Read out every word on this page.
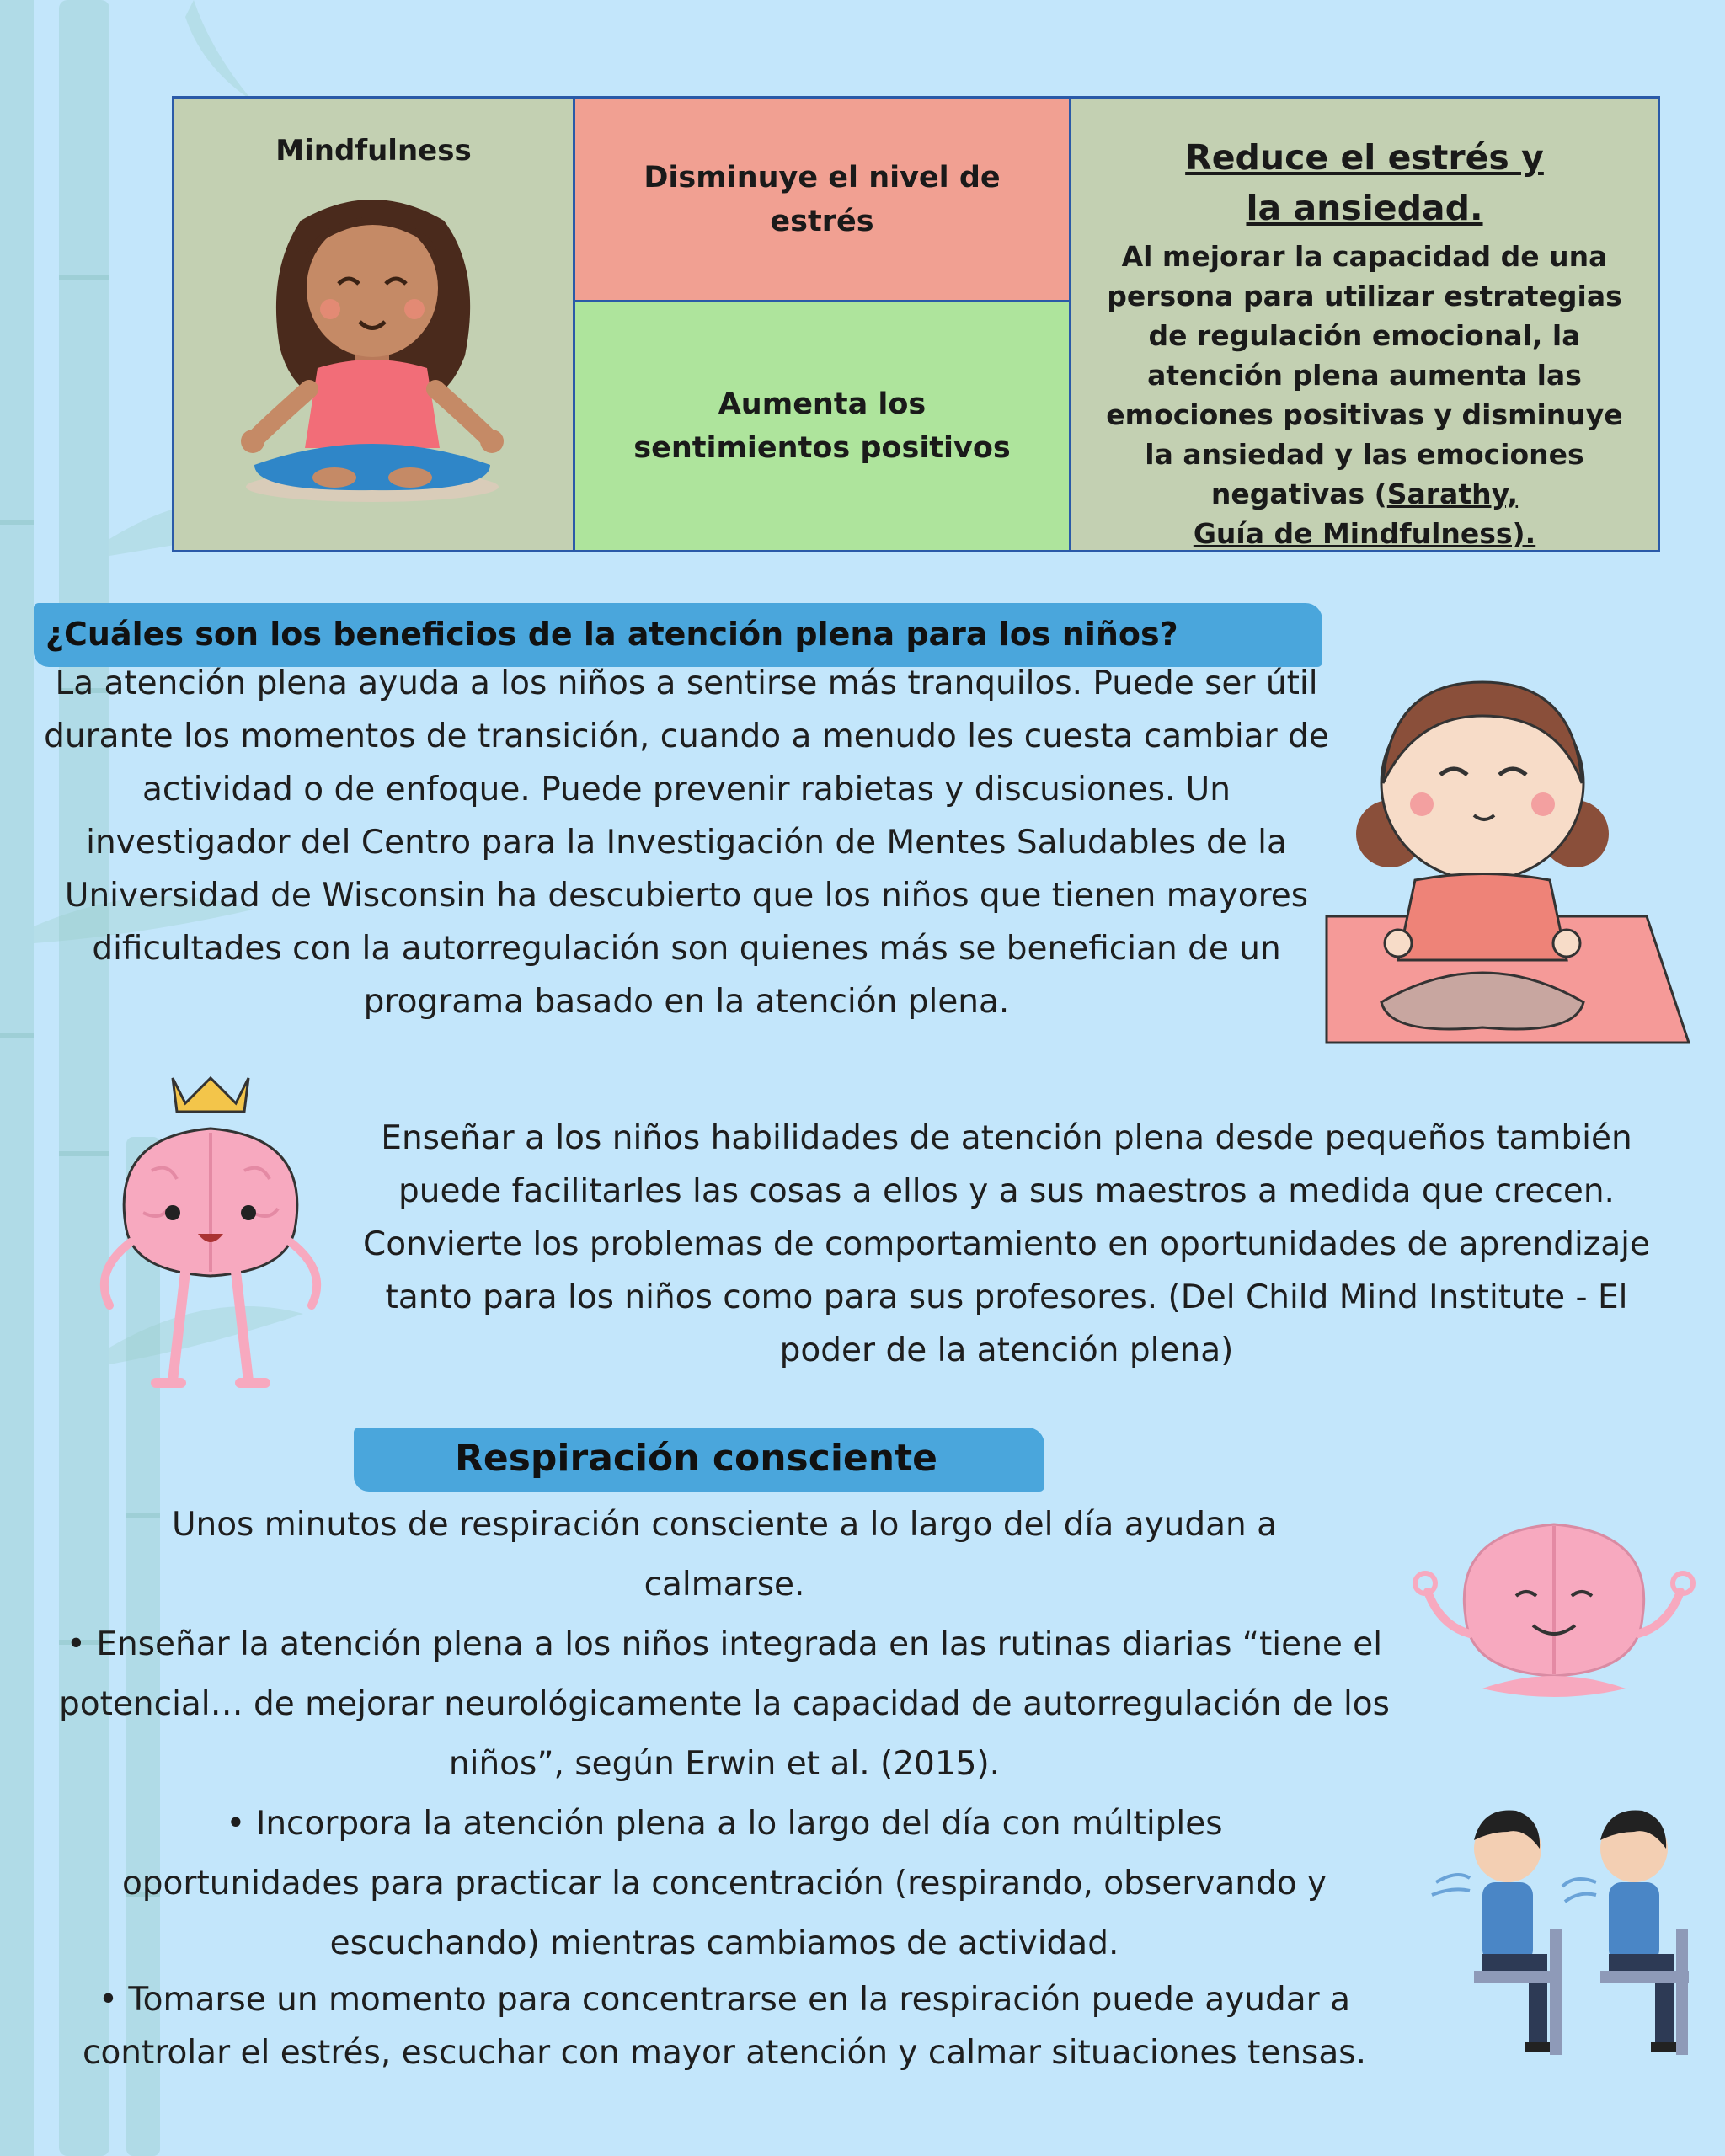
Mindfulness
Disminuye el nivel de estrés
Aumenta los sentimientos positivos
Reduce el estrés y la ansiedad.
Al mejorar la capacidad de una persona para utilizar estrategias de regulación emocional, la atención plena aumenta las emociones positivas y disminuye la ansiedad y las emociones negativas (Sarathy,
Guía de Mindfulness).
¿Cuáles son los beneficios de la atención plena para los niños?
La atención plena ayuda a los niños a sentirse más tranquilos. Puede ser útil durante los momentos de transición, cuando a menudo les cuesta cambiar de actividad o de enfoque. Puede prevenir rabietas y discusiones. Un investigador del Centro para la Investigación de Mentes Saludables de la Universidad de Wisconsin ha descubierto que los niños que tienen mayores dificultades con la autorregulación son quienes más se benefician de un programa basado en la atención plena.
Enseñar a los niños habilidades de atención plena desde pequeños también puede facilitarles las cosas a ellos y a sus maestros a medida que crecen. Convierte los problemas de comportamiento en oportunidades de aprendizaje tanto para los niños como para sus profesores. (Del Child Mind Institute - El poder de la atención plena)
Respiración consciente
Unos minutos de respiración consciente a lo largo del día ayudan a calmarse.
• Enseñar la atención plena a los niños integrada en las rutinas diarias “tiene el potencial… de mejorar neurológicamente la capacidad de autorregulación de los niños”, según Erwin et al. (2015).
• Incorpora la atención plena a lo largo del día con múltiples oportunidades para practicar la concentración (respirando, observando y escuchando) mientras cambiamos de actividad.
• Tomarse un momento para concentrarse en la respiración puede ayudar a controlar el estrés, escuchar con mayor atención y calmar situaciones tensas.
